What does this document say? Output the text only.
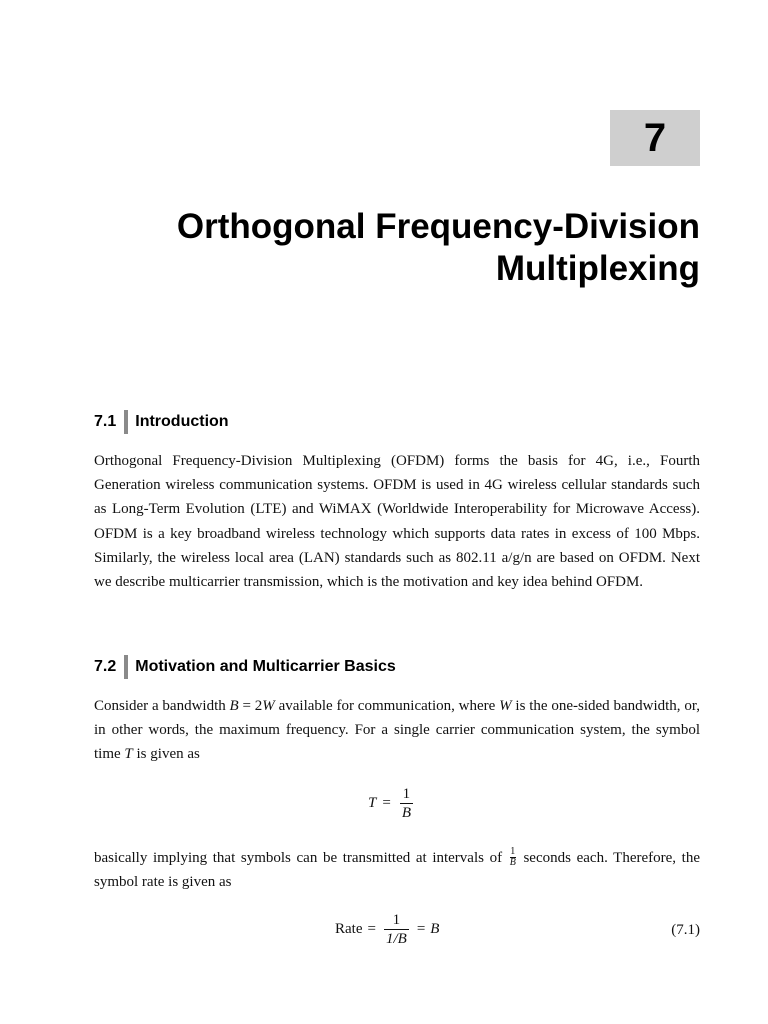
7
Orthogonal Frequency-Division
Multiplexing
7.1 Introduction
Orthogonal Frequency-Division Multiplexing (OFDM) forms the basis for 4G, i.e., Fourth Generation wireless communication systems. OFDM is used in 4G wireless cellular standards such as Long-Term Evolution (LTE) and WiMAX (Worldwide Interoperability for Microwave Access). OFDM is a key broadband wireless technology which supports data rates in excess of 100 Mbps. Similarly, the wireless local area (LAN) standards such as 802.11 a/g/n are based on OFDM. Next we describe multicarrier transmission, which is the motivation and key idea behind OFDM.
7.2 Motivation and Multicarrier Basics
Consider a bandwidth B = 2W available for communication, where W is the one-sided bandwidth, or, in other words, the maximum frequency. For a single carrier communication system, the symbol time T is given as
$T = \frac{1}{B}$
basically implying that symbols can be transmitted at intervals of $\frac{1}{B}$ seconds each. Therefore, the symbol rate is given as
Rate = $\frac{1}{1/B} = B$	(7.1)
